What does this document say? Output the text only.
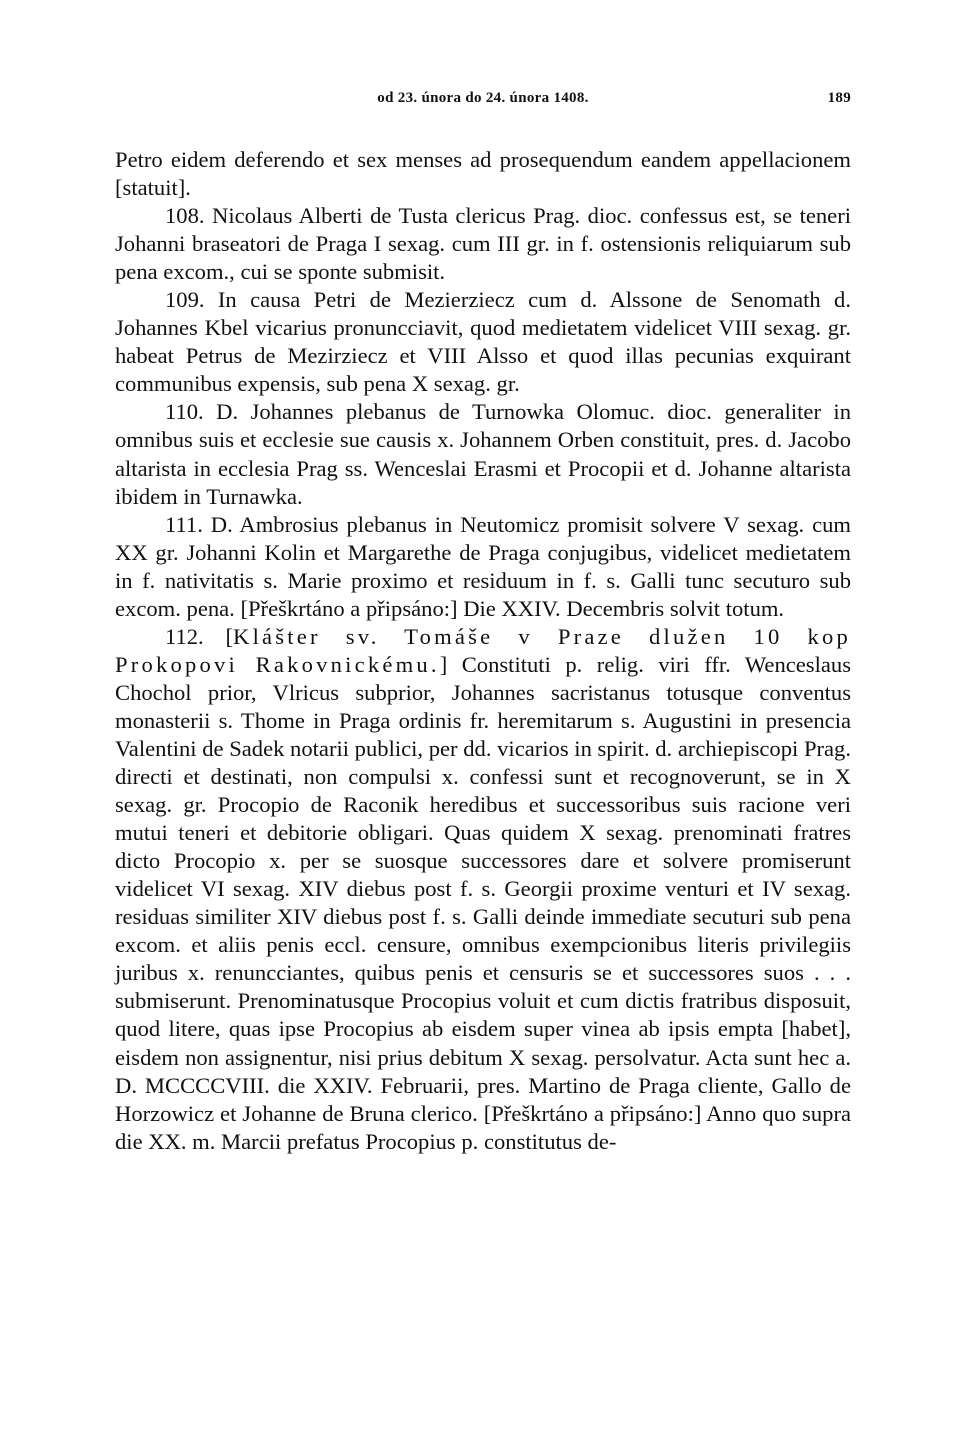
od 23. února do 24. února 1408.	189

Petro eidem deferendo et sex menses ad prosequendum eandem appellacionem [statuit].

108. Nicolaus Alberti de Tusta clericus Prag. dioc. confessus est, se teneri Johanni braseatori de Praga I sexag. cum III gr. in f. ostensionis reliquiarum sub pena excom., cui se sponte submisit.

109. In causa Petri de Mezierziecz cum d. Alssone de Senomath d. Johannes Kbel vicarius pronuncciavit, quod medietatem videlicet VIII sexag. gr. habeat Petrus de Mezirziecz et VIII Alsso et quod illas pecunias exquirant communibus expensis, sub pena X sexag. gr.

110. D. Johannes plebanus de Turnowka Olomuc. dioc. generaliter in omnibus suis et ecclesie sue causis x. Johannem Orben constituit, pres. d. Jacobo altarista in ecclesia Prag ss. Wenceslai Erasmi et Procopii et d. Johanne altarista ibidem in Turnawka.

111. D. Ambrosius plebanus in Neutomicz promisit solvere V sexag. cum XX gr. Johanni Kolin et Margarethe de Praga conjugibus, videlicet medietatem in f. nativitatis s. Marie proximo et residuum in f. s. Galli tunc secuturo sub excom. pena. [Přeškrtáno a připsáno:] Die XXIV. Decembris solvit totum.

112. [Klášter sv. Tomáše v Praze dlužen 10 kop Prokopovi Rakovnickému.] Constituti p. relig. viri ffr. Wenceslaus Chochol prior, Vlricus subprior, Johannes sacristanus totusque conventus monasterii s. Thome in Praga ordinis fr. heremitarum s. Augustini in presencia Valentini de Sadek notarii publici, per dd. vicarios in spirit. d. archiepiscopi Prag. directi et destinati, non compulsi x. confessi sunt et recognoverunt, se in X sexag. gr. Procopio de Raconik heredibus et successoribus suis racione veri mutui teneri et debitorie obligari. Quas quidem X sexag. prenominati fratres dicto Procopio x. per se suosque successores dare et solvere promiserunt videlicet VI sexag. XIV diebus post f. s. Georgii proxime venturi et IV sexag. residuas similiter XIV diebus post f. s. Galli deinde immediate secuturi sub pena excom. et aliis penis eccl. censure, omnibus exempcionibus literis privilegiis juribus x. renuncciantes, quibus penis et censuris se et successores suos . . . submiserunt. Prenominatusque Procopius voluit et cum dictis fratribus disposuit, quod litere, quas ipse Procopius ab eisdem super vinea ab ipsis empta [habet], eisdem non assignentur, nisi prius debitum X sexag. persolvatur. Acta sunt hec a. D. MCCCCVIII. die XXIV. Februarii, pres. Martino de Praga cliente, Gallo de Horzowicz et Johanne de Bruna clerico. [Přeškrtáno a připsáno:] Anno quo supra die XX. m. Marcii prefatus Procopius p. constitutus de-
